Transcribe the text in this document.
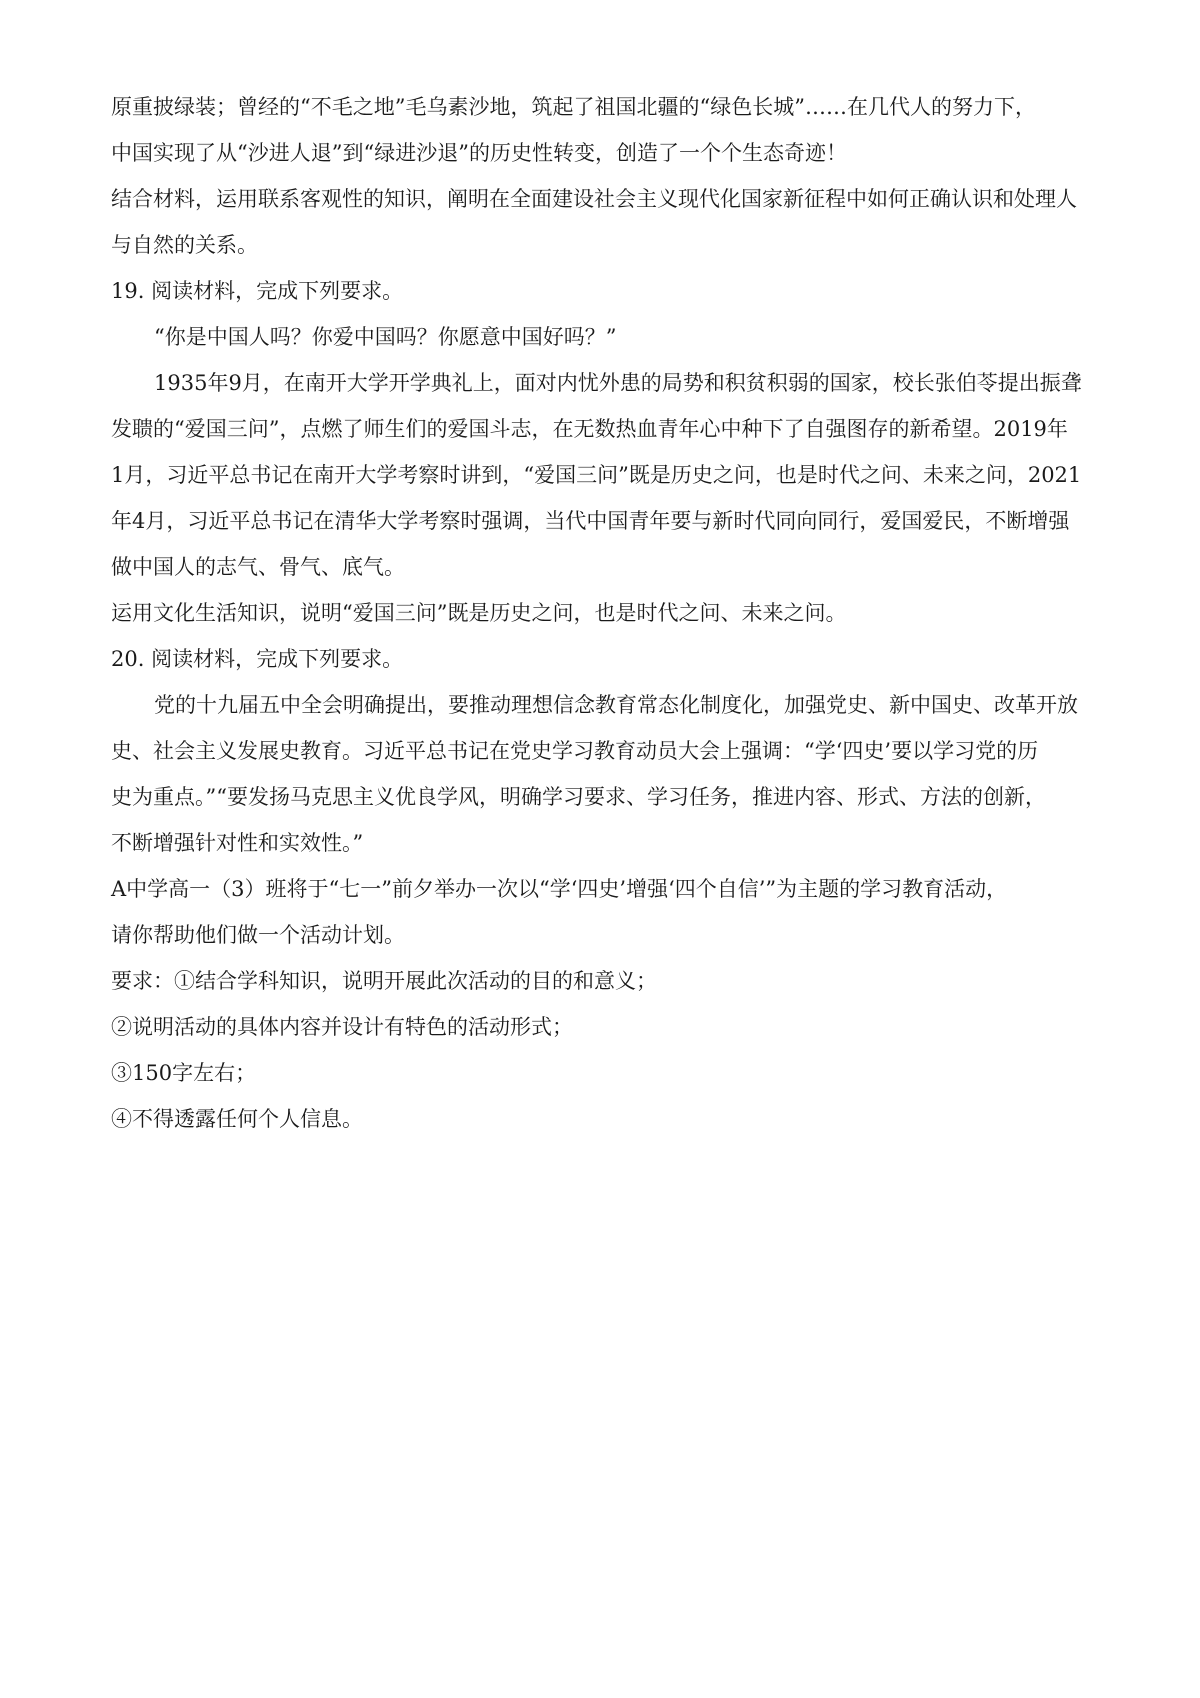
原重披绿装；曾经的“不毛之地”毛乌素沙地，筑起了祖国北疆的“绿色长城”……在几代人的努力下，
中国实现了从“沙进人退”到“绿进沙退”的历史性转变，创造了一个个生态奇迹！
结合材料，运用联系客观性的知识，阐明在全面建设社会主义现代化国家新征程中如何正确认识和处理人
与自然的关系。
19. 阅读材料，完成下列要求。
“你是中国人吗？你爱中国吗？你愿意中国好吗？”
1935年9月，在南开大学开学典礼上，面对内忧外患的局势和积贫积弱的国家，校长张伯苓提出振聋
发聩的“爱国三问”，点燃了师生们的爱国斗志，在无数热血青年心中种下了自强图存的新希望。2019年
1月，习近平总书记在南开大学考察时讲到，“爱国三问”既是历史之问，也是时代之问、未来之问，2021
年4月，习近平总书记在清华大学考察时强调，当代中国青年要与新时代同向同行，爱国爱民，不断增强
做中国人的志气、骨气、底气。
运用文化生活知识，说明“爱国三问”既是历史之问，也是时代之问、未来之问。
20. 阅读材料，完成下列要求。
党的十九届五中全会明确提出，要推动理想信念教育常态化制度化，加强党史、新中国史、改革开放
史、社会主义发展史教育。习近平总书记在党史学习教育动员大会上强调：“学‘四史’要以学习党的历
史为重点。”“要发扬马克思主义优良学风，明确学习要求、学习任务，推进内容、形式、方法的创新，
不断增强针对性和实效性。”
A中学高一（3）班将于“七一”前夕举办一次以“学‘四史’增强‘四个自信’”为主题的学习教育活动，
请你帮助他们做一个活动计划。
要求：①结合学科知识，说明开展此次活动的目的和意义；
②说明活动的具体内容并设计有特色的活动形式；
③150字左右；
④不得透露任何个人信息。
